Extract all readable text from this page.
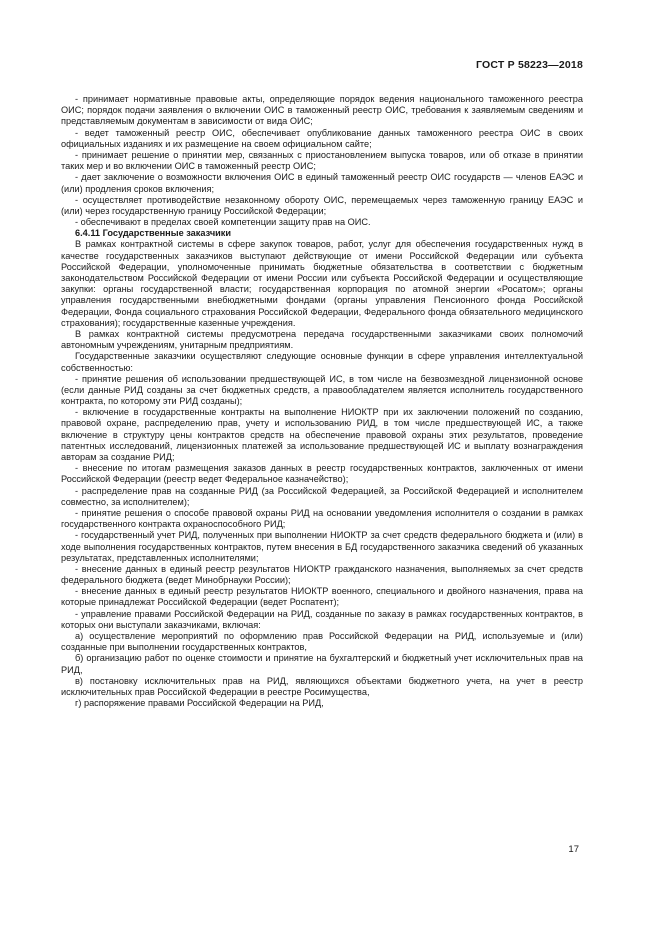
ГОСТ Р 58223—2018

- принимает нормативные правовые акты, определяющие порядок ведения национального таможенного реестра ОИС; порядок подачи заявления о включении ОИС в таможенный реестр ОИС, требования к заявляемым сведениям и представляемым документам в зависимости от вида ОИС;

- ведет таможенный реестр ОИС, обеспечивает опубликование данных таможенного реестра ОИС в своих официальных изданиях и их размещение на своем официальном сайте;

- принимает решение о принятии мер, связанных с приостановлением выпуска товаров, или об отказе в принятии таких мер и во включении ОИС в таможенный реестр ОИС;

- дает заключение о возможности включения ОИС в единый таможенный реестр ОИС государств — членов ЕАЭС и (или) продления сроков включения;

- осуществляет противодействие незаконному обороту ОИС, перемещаемых через таможенную границу ЕАЭС и (или) через государственную границу Российской Федерации;

- обеспечивают в пределах своей компетенции защиту прав на ОИС.

6.4.11 Государственные заказчики

В рамках контрактной системы в сфере закупок товаров, работ, услуг для обеспечения государственных нужд в качестве государственных заказчиков выступают действующие от имени Российской Федерации или субъекта Российской Федерации, уполномоченные принимать бюджетные обязательства в соответствии с бюджетным законодательством Российской Федерации от имени России или субъекта Российской Федерации и осуществляющие закупки: органы государственной власти; государственная корпорация по атомной энергии «Росатом»; органы управления государственными внебюджетными фондами (органы управления Пенсионного фонда Российской Федерации, Фонда социального страхования Российской Федерации, Федерального фонда обязательного медицинского страхования); государственные казенные учреждения.

В рамках контрактной системы предусмотрена передача государственными заказчиками своих полномочий автономным учреждениям, унитарным предприятиям.

Государственные заказчики осуществляют следующие основные функции в сфере управления интеллектуальной собственностью:

- принятие решения об использовании предшествующей ИС, в том числе на безвозмездной лицензионной основе (если данные РИД созданы за счет бюджетных средств, а правообладателем является исполнитель государственного контракта, по которому эти РИД созданы);

- включение в государственные контракты на выполнение НИОКТР при их заключении положений по созданию, правовой охране, распределению прав, учету и использованию РИД, в том числе предшествующей ИС, а также включение в структуру цены контрактов средств на обеспечение правовой охраны этих результатов, проведение патентных исследований, лицензионных платежей за использование предшествующей ИС и выплату вознаграждения авторам за создание РИД;

- внесение по итогам размещения заказов данных в реестр государственных контрактов, заключенных от имени Российской Федерации (реестр ведет Федеральное казначейство);

- распределение прав на созданные РИД (за Российской Федерацией, за Российской Федерацией и исполнителем совместно, за исполнителем);

- принятие решения о способе правовой охраны РИД на основании уведомления исполнителя о создании в рамках государственного контракта охраноспособного РИД;

- государственный учет РИД, полученных при выполнении НИОКТР за счет средств федерального бюджета и (или) в ходе выполнения государственных контрактов, путем внесения в БД государственного заказчика сведений об указанных результатах, представленных исполнителями;

- внесение данных в единый реестр результатов НИОКТР гражданского назначения, выполняемых за счет средств федерального бюджета (ведет Минобрнауки России);

- внесение данных в единый реестр результатов НИОКТР военного, специального и двойного назначения, права на которые принадлежат Российской Федерации (ведет Роспатент);

- управление правами Российской Федерации на РИД, созданные по заказу в рамках государственных контрактов, в которых они выступали заказчиками, включая:

а) осуществление мероприятий по оформлению прав Российской Федерации на РИД, используемые и (или) созданные при выполнении государственных контрактов,

б) организацию работ по оценке стоимости и принятие на бухгалтерский и бюджетный учет исключительных прав на РИД,

в) постановку исключительных прав на РИД, являющихся объектами бюджетного учета, на учет в реестр исключительных прав Российской Федерации в реестре Росимущества,

г) распоряжение правами Российской Федерации на РИД,

17
